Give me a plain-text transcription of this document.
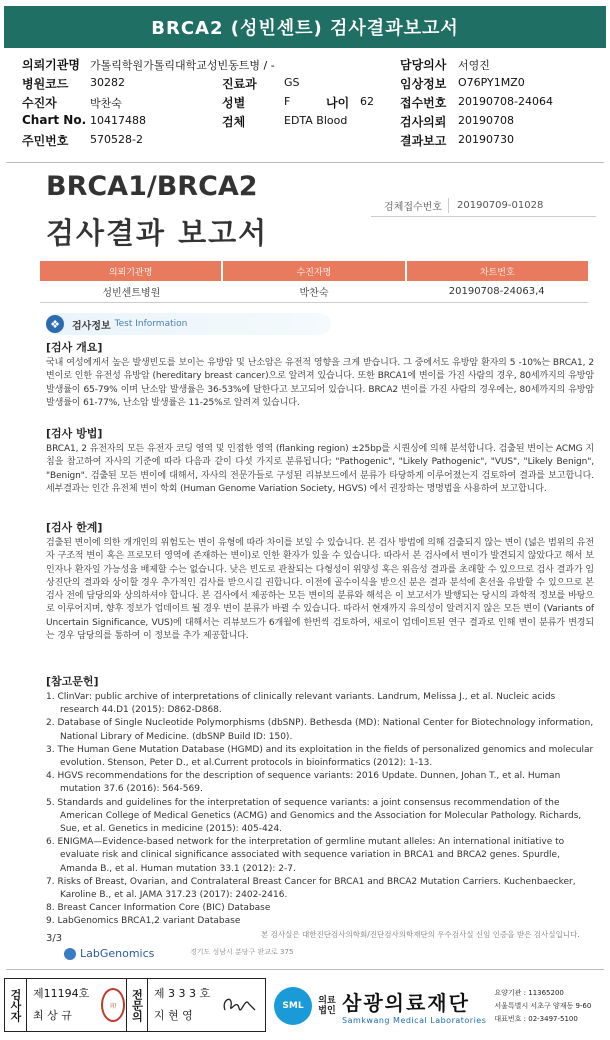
BRCA2 (성빈센트) 검사결과보고서
의뢰기관명 가톨릭학원가톨릭대학교성빈동트병 / -	담당의사 서영진
병원코드 30282	진료과 GS	임상정보 O76PY1MZ0
수진자	박찬숙	성별	F	나이 62 접수번호 20190708-24064
Chart No. 10417488	검체	EDTA Blood	검사의뢰 20190708
주민번호 570528-2	결과보고 20190730
BRCA1/BRCA2
검사결과 보고서
검체접수번호	20190709-01028
의뢰기관명	수진자명	차트번호
성빈센트병원	박찬숙	20190708-24063,4
❖	검사정보 Test Information
[검사 개요]

국내 여성에게서 높은 발생빈도를 보이는 유방암 및 난소암은 유전적 영향을 크게 받습니다. 그 중에서도 유방암 환자의 5 -10%는 BRCA1, 2 변이로 인한 유전성 유방암 (hereditary breast cancer)으로 알려져 있습니다. 또한 BRCA1에 변이를 가진 사람의 경우, 80세까지의 유방암 발생률이 65-79% 이며 난소암 발생률은 36-53%에 달한다고 보고되어 있습니다. BRCA2 변이를 가진 사람의 경우에는, 80세까지의 유방암 발생률이 61-77%, 난소암 발생률은 11-25%로 알려져 있습니다.

[검사 방법]

BRCA1, 2 유전자의 모든 유전자 코딩 영역 및 인접한 영역 (flanking region) ±25bp를 시퀀싱에 의해 분석합니다. 검출된 변이는 ACMG 지침을 참고하여 자사의 기준에 따라 다음과 같이 다섯 가지로 분류됩니다; "Pathogenic", "Likely Pathogenic", "VUS", "Likely Benign", "Benign". 검출된 모든 변이에 대해서, 자사의 전문가들로 구성된 리뷰보드에서 분류가 타당하게 이루어졌는지 검토하여 결과를 보고합니다. 세부결과는 인간 유전체 변이 학회 (Human Genome Variation Society, HGVS) 에서 권장하는 명명법을 사용하여 보고합니다.

[검사 한계]

검출된 변이에 의한 개개인의 위험도는 변이 유형에 따라 차이를 보일 수 있습니다. 본 검사 방법에 의해 검출되지 않는 변이 (넓은 범위의 유전자 구조적 변이 혹은 프로모터 영역에 존재하는 변이)로 인한 환자가 있을 수 있습니다. 따라서 본 검사에서 변이가 발견되지 않았다고 해서 보인자나 환자일 가능성을 배제할 수는 없습니다. 낮은 빈도로 관찰되는 다형성이 위양성 혹은 위음성 결과를 초래할 수 있으므로 검사 결과가 임상진단의 결과와 상이할 경우 추가적인 검사를 받으시길 권합니다. 이전에 골수이식을 받으신 분은 결과 분석에 혼선을 유발할 수 있으므로 본 검사 전에 담당의와 상의하셔야 합니다. 본 검사에서 제공하는 모든 변이의 분류와 해석은 이 보고서가 발행되는 당시의 과학적 정보를 바탕으로 이루어지며, 향후 정보가 업데이트 될 경우 변이 분류가 바뀔 수 있습니다. 따라서 현재까지 유의성이 알려지지 않은 모든 변이 (Variants of Uncertain Significance, VUS)에 대해서는 리뷰보드가 6개월에 한번씩 검토하여, 새로이 업데이트된 연구 결과로 인해 변이 분류가 변경되는 경우 담당의를 통하여 이 정보를 추가 제공합니다.

[참고문헌]
1. ClinVar: public archive of interpretations of clinically relevant variants. Landrum, Melissa J., et al. Nucleic acids research 44.D1 (2015): D862-D868.
2. Database of Single Nucleotide Polymorphisms (dbSNP). Bethesda (MD): National Center for Biotechnology information, National Library of Medicine. (dbSNP Build ID: 150).
3. The Human Gene Mutation Database (HGMD) and its exploitation in the fields of personalized genomics and molecular evolution. Stenson, Peter D., et al.Current protocols in bioinformatics (2012): 1-13.
4. HGVS recommendations for the description of sequence variants: 2016 Update. Dunnen, Johan T., et al. Human mutation 37.6 (2016): 564-569.
5. Standards and guidelines for the interpretation of sequence variants: a joint consensus recommendation of the American College of Medical Genetics (ACMG) and Genomics and the Association for Molecular Pathology. Richards, Sue, et al. Genetics in medicine (2015): 405-424.
6. ENIGMA—Evidence-based network for the interpretation of germline mutant alleles: An international initiative to evaluate risk and clinical significance associated with sequence variation in BRCA1 and BRCA2 genes. Spurdle, Amanda B., et al. Human mutation 33.1 (2012): 2-7.
7. Risks of Breast, Ovarian, and Contralateral Breast Cancer for BRCA1 and BRCA2 Mutation Carriers. Kuchenbaecker, Karoline B., et al. JAMA 317.23 (2017): 2402-2416.
8. Breast Cancer Information Core (BIC) Database
9. LabGenomics BRCA1,2 variant Database
본 검사실은 대한진단검사의학회/진단검사의학재단의 우수검사실 신임 인증을 받은 검사실입니다.
3/3
LabGenomics	경기도 성남시 분당구 판교로 375
검사자	제11194호
최 상 규
印	전문의 제 3 3 3 호
지 현 영
SML	의료법인 삼광의료재단
Samkwang Medical Laboratories
요양기관 : 11365200
서울특별시 서초구 양재동 9-60
대표번호 : 02-3497-5100
